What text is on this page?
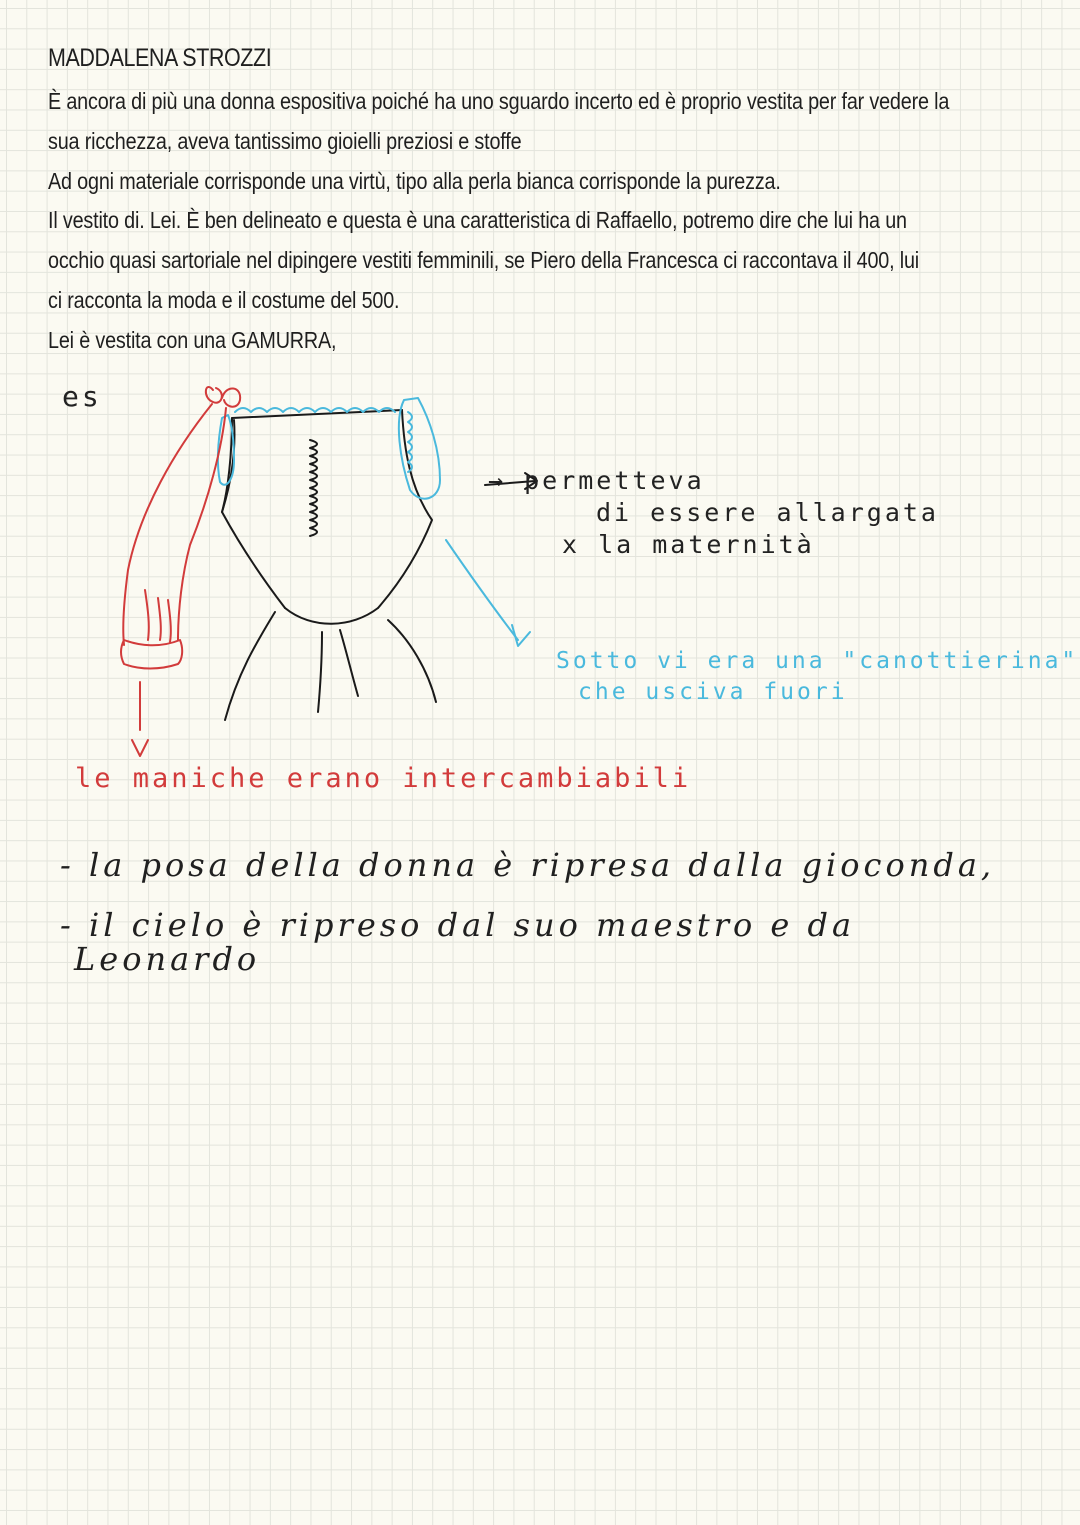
MADDALENA STROZZI
È ancora di più una donna espositiva poiché ha uno sguardo incerto ed è proprio vestita per far vedere la
sua ricchezza, aveva tantissimo gioielli preziosi e stoffe
Ad ogni materiale corrisponde una virtù, tipo alla perla bianca corrisponde la purezza.
Il vestito di. Lei. È ben delineato e questa è una caratteristica di Raffaello, potremo dire che lui ha un
occhio quasi sartoriale nel dipingere vestiti femminili, se Piero della Francesca ci raccontava il 400, lui
ci racconta la moda e il costume del 500.
Lei è vestita con una GAMURRA,
es
→ permetteva
di essere allargata
x la maternità
Sotto vi era una "canottierina"
che usciva fuori
le maniche erano intercambiabili
- la posa della donna è ripresa dalla gioconda,
- il cielo è ripreso dal suo maestro e da
Leonardo
